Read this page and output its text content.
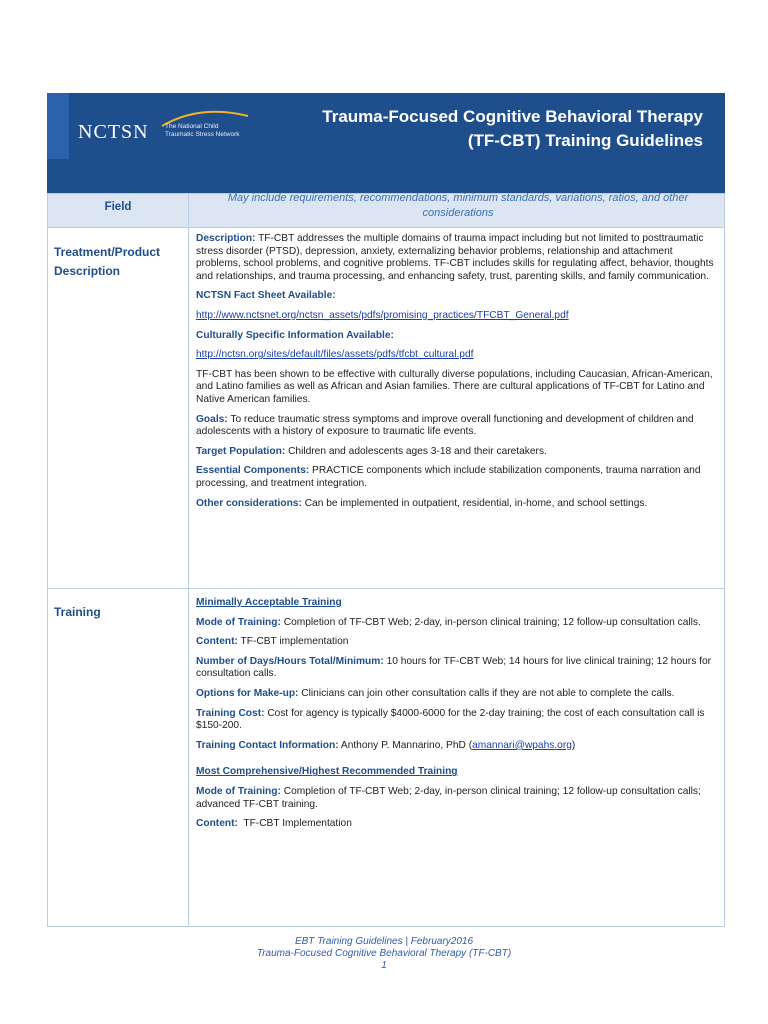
NCTSN	The National Child
Traumatic Stress Network
Trauma-Focused Cognitive Behavioral Therapy
(TF-CBT) Training Guidelines
Field
May include requirements, recommendations, minimum standards, variations, ratios, and other considerations
Treatment/Product Description

Description: TF-CBT addresses the multiple domains of trauma impact including but not limited to posttraumatic stress disorder (PTSD), depression, anxiety, externalizing behavior problems, relationship and attachment problems, school problems, and cognitive problems. TF-CBT includes skills for regulating affect, behavior, thoughts and relationships, and trauma processing, and enhancing safety, trust, parenting skills, and family communication.

NCTSN Fact Sheet Available:

http://www.nctsnet.org/nctsn_assets/pdfs/promising_practices/TFCBT_General.pdf

Culturally Specific Information Available:

http://nctsn.org/sites/default/files/assets/pdfs/tfcbt_cultural.pdf

TF-CBT has been shown to be effective with culturally diverse populations, including Caucasian, African-American, and Latino families as well as African and Asian families. There are cultural applications of TF-CBT for Latino and Native American families.

Goals: To reduce traumatic stress symptoms and improve overall functioning and development of children and adolescents with a history of exposure to traumatic life events.

Target Population: Children and adolescents ages 3-18 and their caretakers.

Essential Components: PRACTICE components which include stabilization components, trauma narration and processing, and treatment integration.

Other considerations: Can be implemented in outpatient, residential, in-home, and school settings.

Training

Minimally Acceptable Training

Mode of Training: Completion of TF-CBT Web; 2-day, in-person clinical training; 12 follow-up consultation calls.

Content: TF-CBT implementation

Number of Days/Hours Total/Minimum: 10 hours for TF-CBT Web; 14 hours for live clinical training; 12 hours for consultation calls.

Options for Make-up: Clinicians can join other consultation calls if they are not able to complete the calls.

Training Cost: Cost for agency is typically $4000-6000 for the 2-day training; the cost of each consultation call is $150-200.

Training Contact Information: Anthony P. Mannarino, PhD (amannari@wpahs.org)

Most Comprehensive/Highest Recommended Training

Mode of Training: Completion of TF-CBT Web; 2-day, in-person clinical training; 12 follow-up consultation calls; advanced TF-CBT training.

Content:  TF-CBT Implementation

EBT Training Guidelines | February2016
Trauma-Focused Cognitive Behavioral Therapy (TF-CBT)
1
